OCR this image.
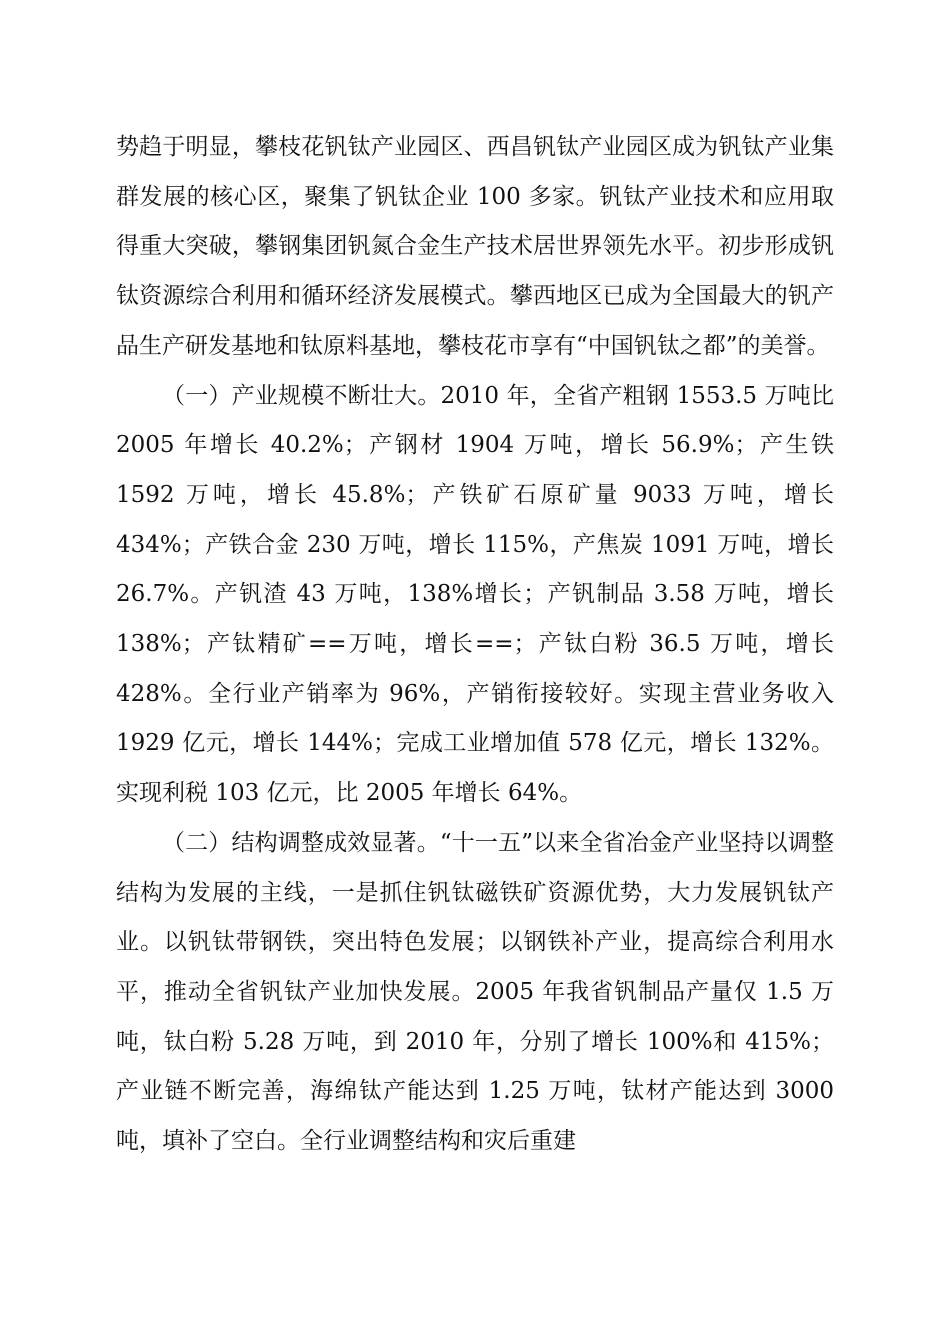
势趋于明显，攀枝花钒钛产业园区、西昌钒钛产业园区成为钒钛产业集群发展的核心区，聚集了钒钛企业 100 多家。钒钛产业技术和应用取得重大突破，攀钢集团钒氮合金生产技术居世界领先水平。初步形成钒钛资源综合利用和循环经济发展模式。攀西地区已成为全国最大的钒产品生产研发基地和钛原料基地，攀枝花市享有“中国钒钛之都”的美誉。

（一）产业规模不断壮大。2010 年，全省产粗钢 1553.5 万吨比 2005 年增长 40.2%；产钢材 1904 万吨，增长 56.9%；产生铁 1592 万吨，增长 45.8%；产铁矿石原矿量 9033 万吨，增长 434%；产铁合金 230 万吨，增长 115%，产焦炭 1091 万吨，增长 26.7%。产钒渣 43 万吨，138%增长；产钒制品 3.58 万吨，增长 138%；产钛精矿==万吨，增长==；产钛白粉 36.5 万吨，增长 428%。全行业产销率为 96%，产销衔接较好。实现主营业务收入 1929 亿元，增长 144%；完成工业增加值 578 亿元，增长 132%。实现利税 103 亿元，比 2005 年增长 64%。

（二）结构调整成效显著。“十一五”以来全省冶金产业坚持以调整结构为发展的主线，一是抓住钒钛磁铁矿资源优势，大力发展钒钛产业。以钒钛带钢铁，突出特色发展；以钢铁补产业，提高综合利用水平，推动全省钒钛产业加快发展。2005 年我省钒制品产量仅 1.5 万吨，钛白粉 5.28 万吨，到 2010 年，分别了增长 100%和 415%；产业链不断完善，海绵钛产能达到 1.25 万吨，钛材产能达到 3000 吨，填补了空白。全行业调整结构和灾后重建
